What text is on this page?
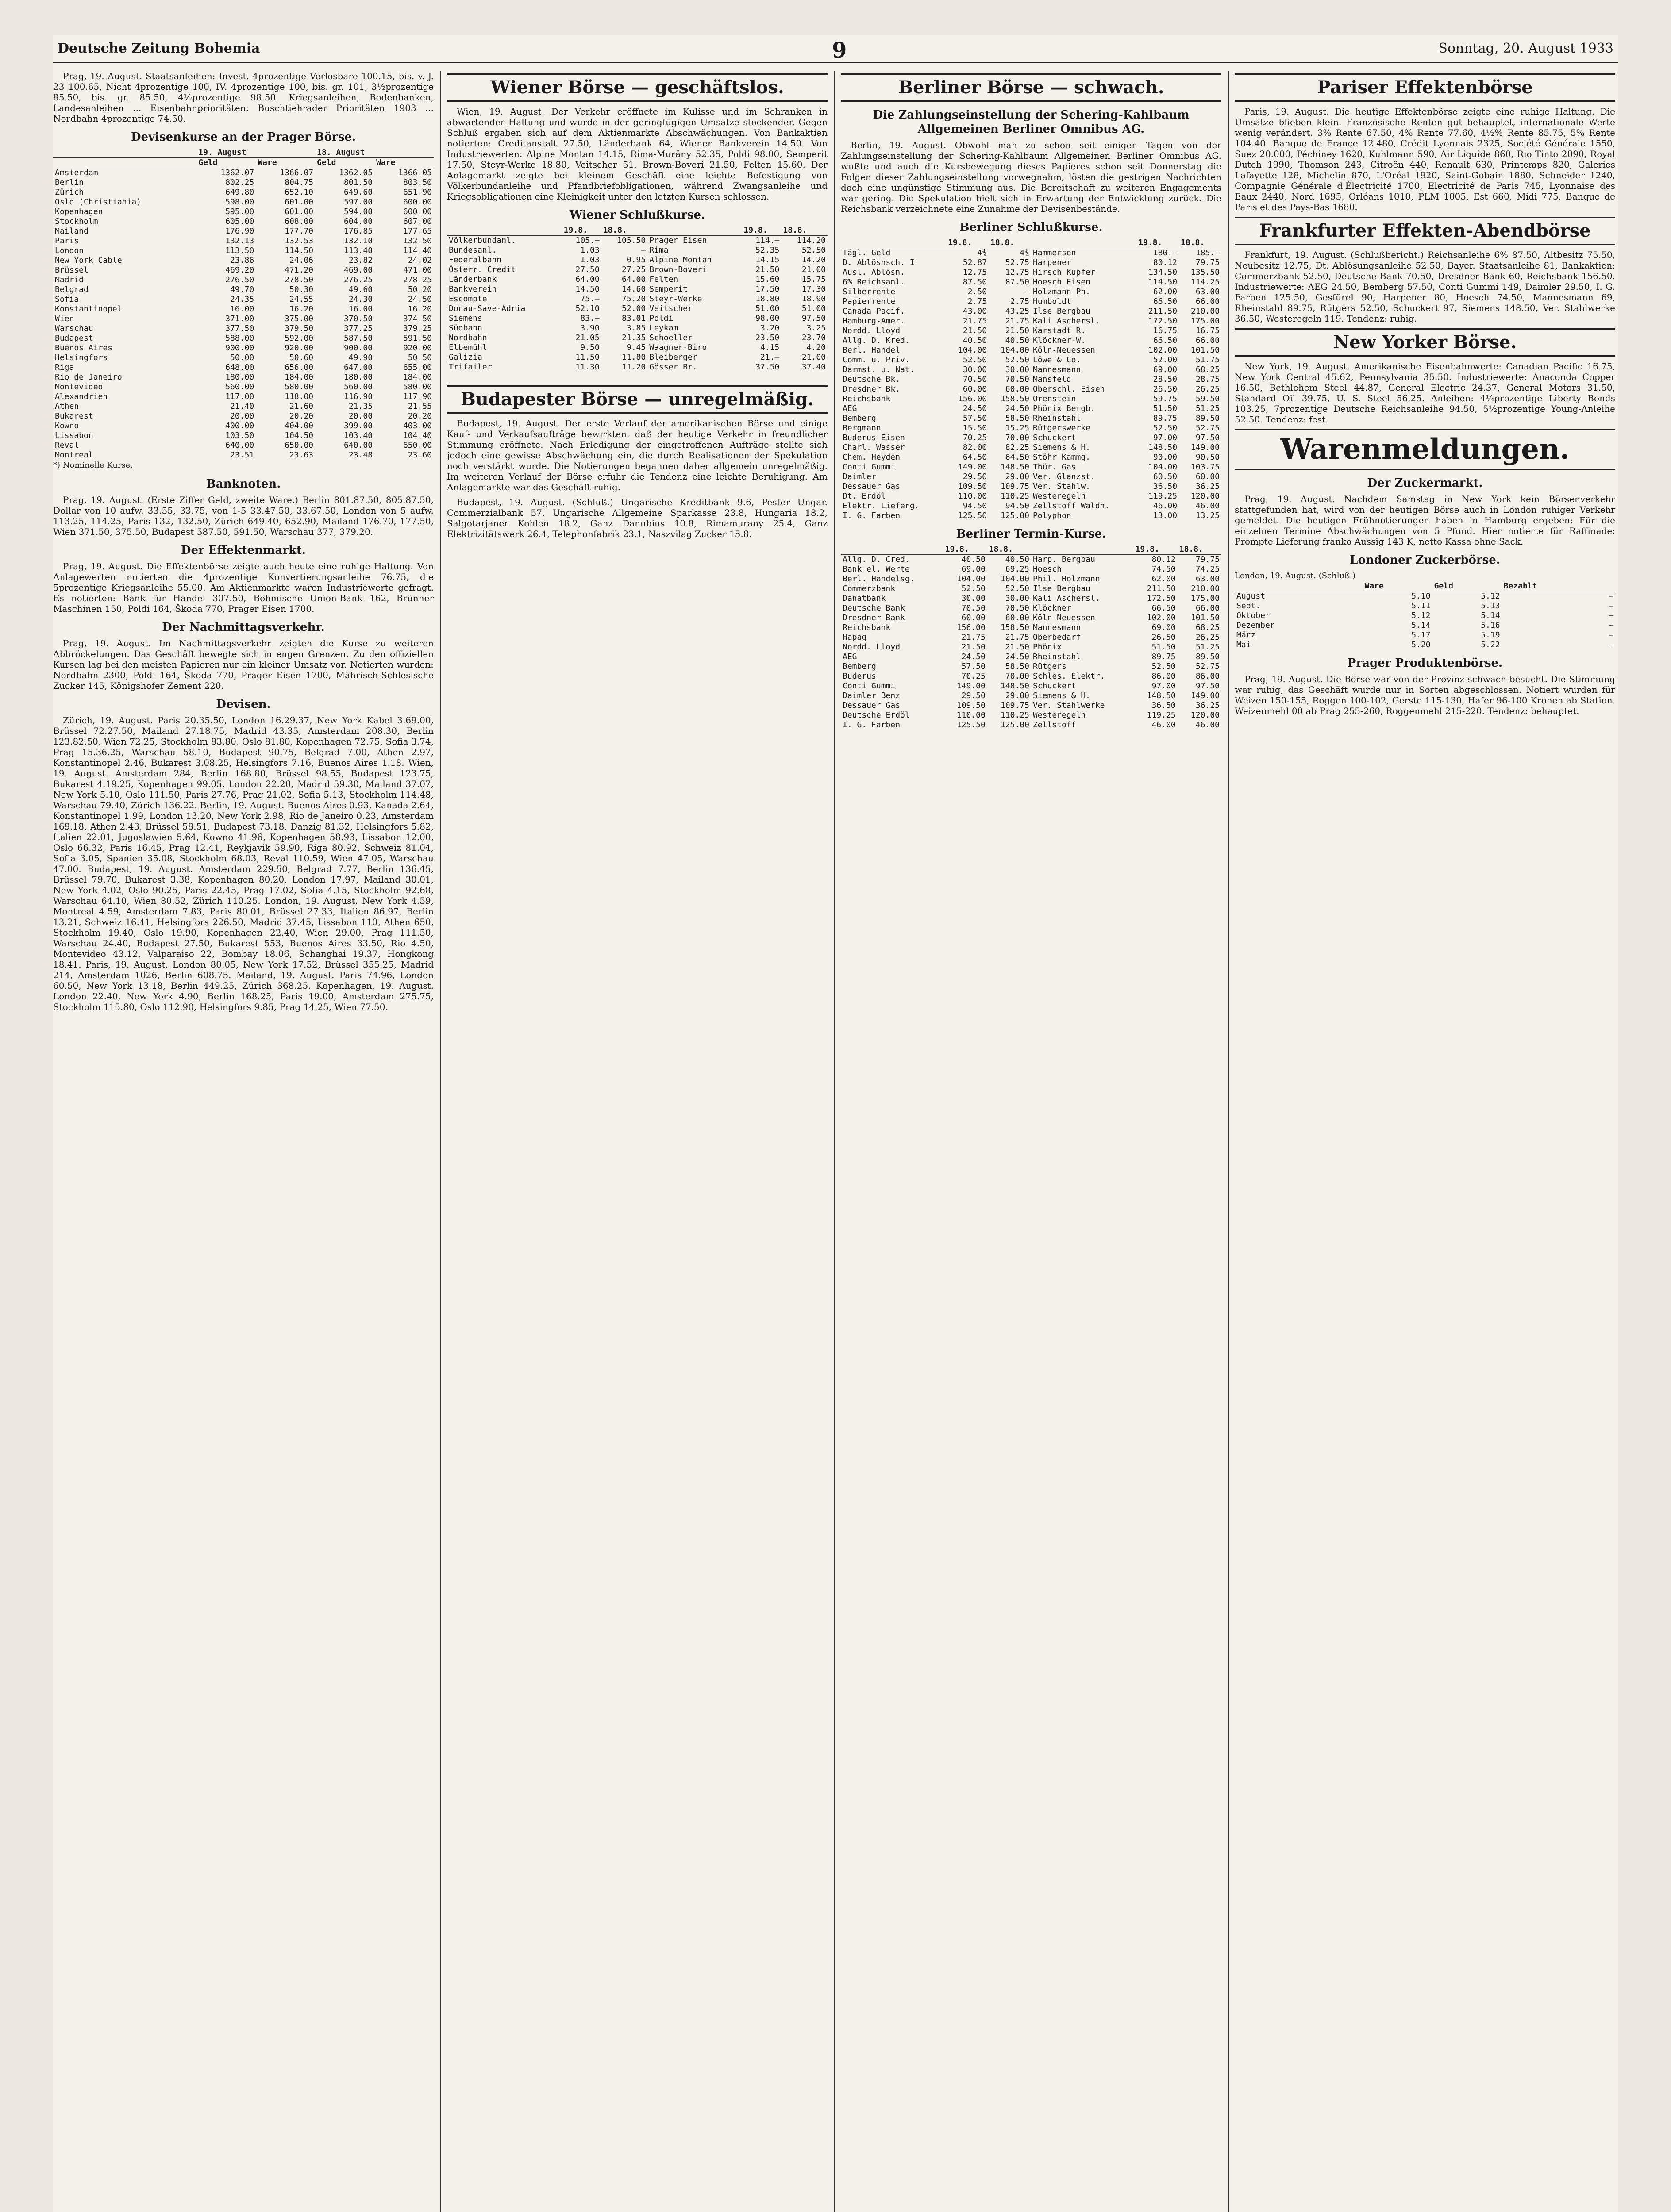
Deutsche Zeitung Bohemia	9	Sonntag, 20. August 1933

Prag, 19. August. Staatsanleihen: Invest. 4prozentige Verlosbare 100.15, bis. v. J. 23 100.65, Nicht 4prozentige 100, IV. 4prozentige 100, bis. gr. 101, 3½prozentige 85.50, bis. gr. 85.50, 4½prozentige 98.50. Kriegsanleihen, Bodenbanken, Landesanleihen ... Eisenbahnprioritäten: Buschtiehrader Prioritäten 1903 ... Nordbahn 4prozentige 74.50.

Devisenkurse an der Prager Börse.
	19. August		18. August	
	Geld	Ware	Geld	Ware
Amsterdam	1362.07	1366.07	1362.05	1366.05
Berlin	802.25	804.75	801.50	803.50
Zürich	649.80	652.10	649.60	651.90
Oslo (Christiania)	598.00	601.00	597.00	600.00
Kopenhagen	595.00	601.00	594.00	600.00
Stockholm	605.00	608.00	604.00	607.00
Mailand	176.90	177.70	176.85	177.65
Paris	132.13	132.53	132.10	132.50
London	113.50	114.50	113.40	114.40
New York Cable	23.86	24.06	23.82	24.02
Brüssel	469.20	471.20	469.00	471.00
Madrid	276.50	278.50	276.25	278.25
Belgrad	49.70	50.30	49.60	50.20
Sofia	24.35	24.55	24.30	24.50
Konstantinopel	16.00	16.20	16.00	16.20
Wien	371.00	375.00	370.50	374.50
Warschau	377.50	379.50	377.25	379.25
Budapest	588.00	592.00	587.50	591.50
Buenos Aires	900.00	920.00	900.00	920.00
Helsingfors	50.00	50.60	49.90	50.50
Riga	648.00	656.00	647.00	655.00
Rio de Janeiro	180.00	184.00	180.00	184.00
Montevideo	560.00	580.00	560.00	580.00
Alexandrien	117.00	118.00	116.90	117.90
Athen	21.40	21.60	21.35	21.55
Bukarest	20.00	20.20	20.00	20.20
Kowno	400.00	404.00	399.00	403.00
Lissabon	103.50	104.50	103.40	104.40
Reval	640.00	650.00	640.00	650.00
Montreal	23.51	23.63	23.48	23.60
*) Nominelle Kurse.
Banknoten.

Prag, 19. August. (Erste Ziffer Geld, zweite Ware.) Berlin 801.87.50, 805.87.50, Dollar von 10 aufw. 33.55, 33.75, von 1-5 33.47.50, 33.67.50, London von 5 aufw. 113.25, 114.25, Paris 132, 132.50, Zürich 649.40, 652.90, Mailand 176.70, 177.50, Wien 371.50, 375.50, Budapest 587.50, 591.50, Warschau 377, 379.20.

Der Effektenmarkt.

Prag, 19. August. Die Effektenbörse zeigte auch heute eine ruhige Haltung. Von Anlagewerten notierten die 4prozentige Konvertierungsanleihe 76.75, die 5prozentige Kriegsanleihe 55.00. Am Aktienmarkte waren Industriewerte gefragt. Es notierten: Bank für Handel 307.50, Böhmische Union-Bank 162, Brünner Maschinen 150, Poldi 164, Škoda 770, Prager Eisen 1700.

Der Nachmittagsverkehr.

Prag, 19. August. Im Nachmittagsverkehr zeigten die Kurse zu weiteren Abbröckelungen. Das Geschäft bewegte sich in engen Grenzen. Zu den offiziellen Kursen lag bei den meisten Papieren nur ein kleiner Umsatz vor. Notierten wurden: Nordbahn 2300, Poldi 164, Škoda 770, Prager Eisen 1700, Mährisch-Schlesische Zucker 145, Königshofer Zement 220.

Devisen.

Zürich, 19. August. Paris 20.35.50, London 16.29.37, New York Kabel 3.69.00, Brüssel 72.27.50, Mailand 27.18.75, Madrid 43.35, Amsterdam 208.30, Berlin 123.82.50, Wien 72.25, Stockholm 83.80, Oslo 81.80, Kopenhagen 72.75, Sofia 3.74, Prag 15.36.25, Warschau 58.10, Budapest 90.75, Belgrad 7.00, Athen 2.97, Konstantinopel 2.46, Bukarest 3.08.25, Helsingfors 7.16, Buenos Aires 1.18. Wien, 19. August. Amsterdam 284, Berlin 168.80, Brüssel 98.55, Budapest 123.75, Bukarest 4.19.25, Kopenhagen 99.05, London 22.20, Madrid 59.30, Mailand 37.07, New York 5.10, Oslo 111.50, Paris 27.76, Prag 21.02, Sofia 5.13, Stockholm 114.48, Warschau 79.40, Zürich 136.22. Berlin, 19. August. Buenos Aires 0.93, Kanada 2.64, Konstantinopel 1.99, London 13.20, New York 2.98, Rio de Janeiro 0.23, Amsterdam 169.18, Athen 2.43, Brüssel 58.51, Budapest 73.18, Danzig 81.32, Helsingfors 5.82, Italien 22.01, Jugoslawien 5.64, Kowno 41.96, Kopenhagen 58.93, Lissabon 12.00, Oslo 66.32, Paris 16.45, Prag 12.41, Reykjavik 59.90, Riga 80.92, Schweiz 81.04, Sofia 3.05, Spanien 35.08, Stockholm 68.03, Reval 110.59, Wien 47.05, Warschau 47.00. Budapest, 19. August. Amsterdam 229.50, Belgrad 7.77, Berlin 136.45, Brüssel 79.70, Bukarest 3.38, Kopenhagen 80.20, London 17.97, Mailand 30.01, New York 4.02, Oslo 90.25, Paris 22.45, Prag 17.02, Sofia 4.15, Stockholm 92.68, Warschau 64.10, Wien 80.52, Zürich 110.25. London, 19. August. New York 4.59, Montreal 4.59, Amsterdam 7.83, Paris 80.01, Brüssel 27.33, Italien 86.97, Berlin 13.21, Schweiz 16.41, Helsingfors 226.50, Madrid 37.45, Lissabon 110, Athen 650, Stockholm 19.40, Oslo 19.90, Kopenhagen 22.40, Wien 29.00, Prag 111.50, Warschau 24.40, Budapest 27.50, Bukarest 553, Buenos Aires 33.50, Rio 4.50, Montevideo 43.12, Valparaiso 22, Bombay 18.06, Schanghai 19.37, Hongkong 18.41. Paris, 19. August. London 80.05, New York 17.52, Brüssel 355.25, Madrid 214, Amsterdam 1026, Berlin 608.75. Mailand, 19. August. Paris 74.96, London 60.50, New York 13.18, Berlin 449.25, Zürich 368.25. Kopenhagen, 19. August. London 22.40, New York 4.90, Berlin 168.25, Paris 19.00, Amsterdam 275.75, Stockholm 115.80, Oslo 112.90, Helsingfors 9.85, Prag 14.25, Wien 77.50.

Wiener Börse — geschäftslos.

Wien, 19. August. Der Verkehr eröffnete im Kulisse und im Schranken in abwartender Haltung und wurde in der geringfügigen Umsätze stockender. Gegen Schluß ergaben sich auf dem Aktienmarkte Abschwächungen. Von Bankaktien notierten: Creditanstalt 27.50, Länderbank 64, Wiener Bankverein 14.50. Von Industriewerten: Alpine Montan 14.15, Rima-Muräny 52.35, Poldi 98.00, Semperit 17.50, Steyr-Werke 18.80, Veitscher 51, Brown-Boveri 21.50, Felten 15.60. Der Anlagemarkt zeigte bei kleinem Geschäft eine leichte Befestigung von Völkerbundanleihe und Pfandbriefobligationen, während Zwangsanleihe und Kriegsobligationen eine Kleinigkeit unter den letzten Kursen schlossen.

Wiener Schlußkurse.
	19.8.	18.8.		19.8.	18.8.
Völkerbundanl.	105.—	105.50	Prager Eisen	114.—	114.20
Bundesanl.	1.03	—	Rima	52.35	52.50
Federalbahn	1.03	0.95	Alpine Montan	14.15	14.20
Österr. Credit	27.50	27.25	Brown-Boveri	21.50	21.00
Länderbank	64.00	64.00	Felten	15.60	15.75
Bankverein	14.50	14.60	Semperit	17.50	17.30
Escompte	75.—	75.20	Steyr-Werke	18.80	18.90
Donau-Save-Adria	52.10	52.00	Veitscher	51.00	51.00
Siemens	83.—	83.01	Poldi	98.00	97.50
Südbahn	3.90	3.85	Leykam	3.20	3.25
Nordbahn	21.05	21.35	Schoeller	23.50	23.70
Elbemühl	9.50	9.45	Waagner-Biro	4.15	4.20
Galizia	11.50	11.80	Bleiberger	21.—	21.00
Trifailer	11.30	11.20	Gösser Br.	37.50	37.40
Budapester Börse — unregelmäßig.

Budapest, 19. August. Der erste Verlauf der amerikanischen Börse und einige Kauf- und Verkaufsaufträge bewirkten, daß der heutige Verkehr in freundlicher Stimmung eröffnete. Nach Erledigung der eingetroffenen Aufträge stellte sich jedoch eine gewisse Abschwächung ein, die durch Realisationen der Spekulation noch verstärkt wurde. Die Notierungen begannen daher allgemein unregelmäßig. Im weiteren Verlauf der Börse erfuhr die Tendenz eine leichte Beruhigung. Am Anlagemarkte war das Geschäft ruhig.

Budapest, 19. August. (Schluß.) Ungarische Kreditbank 9.6, Pester Ungar. Commerzialbank 57, Ungarische Allgemeine Sparkasse 23.8, Hungaria 18.2, Salgotarjaner Kohlen 18.2, Ganz Danubius 10.8, Rimamurany 25.4, Ganz Elektrizitätswerk 26.4, Telephonfabrik 23.1, Naszvilag Zucker 15.8.

Berliner Börse — schwach.
Die Zahlungseinstellung der Schering-Kahlbaum Allgemeinen Berliner Omnibus AG.

Berlin, 19. August. Obwohl man zu schon seit einigen Tagen von der Zahlungseinstellung der Schering-Kahlbaum Allgemeinen Berliner Omnibus AG. wußte und auch die Kursbewegung dieses Papieres schon seit Donnerstag die Folgen dieser Zahlungseinstellung vorwegnahm, lösten die gestrigen Nachrichten doch eine ungünstige Stimmung aus. Die Bereitschaft zu weiteren Engagements war gering. Die Spekulation hielt sich in Erwartung der Entwicklung zurück. Die Reichsbank verzeichnete eine Zunahme der Devisenbestände.

Berliner Schlußkurse.
	19.8.	18.8.		19.8.	18.8.
Tägl. Geld	4¾	4¾	Hammersen	180.—	185.—
D. Ablösnsch. I	52.87	52.75	Harpener	80.12	79.75
Ausl. Ablösn.	12.75	12.75	Hirsch Kupfer	134.50	135.50
6% Reichsanl.	87.50	87.50	Hoesch Eisen	114.50	114.25
Silberrente	2.50	—	Holzmann Ph.	62.00	63.00
Papierrente	2.75	2.75	Humboldt	66.50	66.00
Canada Pacif.	43.00	43.25	Ilse Bergbau	211.50	210.00
Hamburg-Amer.	21.75	21.75	Kali Aschersl.	172.50	175.00
Nordd. Lloyd	21.50	21.50	Karstadt R.	16.75	16.75
Allg. D. Kred.	40.50	40.50	Klöckner-W.	66.50	66.00
Berl. Handel	104.00	104.00	Köln-Neuessen	102.00	101.50
Comm. u. Priv.	52.50	52.50	Löwe & Co.	52.00	51.75
Darmst. u. Nat.	30.00	30.00	Mannesmann	69.00	68.25
Deutsche Bk.	70.50	70.50	Mansfeld	28.50	28.75
Dresdner Bk.	60.00	60.00	Oberschl. Eisen	26.50	26.25
Reichsbank	156.00	158.50	Orenstein	59.75	59.50
AEG	24.50	24.50	Phönix Bergb.	51.50	51.25
Bemberg	57.50	58.50	Rheinstahl	89.75	89.50
Bergmann	15.50	15.25	Rütgerswerke	52.50	52.75
Buderus Eisen	70.25	70.00	Schuckert	97.00	97.50
Charl. Wasser	82.00	82.25	Siemens & H.	148.50	149.00
Chem. Heyden	64.50	64.50	Stöhr Kammg.	90.00	90.50
Conti Gummi	149.00	148.50	Thür. Gas	104.00	103.75
Daimler	29.50	29.00	Ver. Glanzst.	60.50	60.00
Dessauer Gas	109.50	109.75	Ver. Stahlw.	36.50	36.25
Dt. Erdöl	110.00	110.25	Westeregeln	119.25	120.00
Elektr. Lieferg.	94.50	94.50	Zellstoff Waldh.	46.00	46.00
I. G. Farben	125.50	125.00	Polyphon	13.00	13.25
Berliner Termin-Kurse.
	19.8.	18.8.		19.8.	18.8.
Allg. D. Cred.	40.50	40.50	Harp. Bergbau	80.12	79.75
Bank el. Werte	69.00	69.25	Hoesch	74.50	74.25
Berl. Handelsg.	104.00	104.00	Phil. Holzmann	62.00	63.00
Commerzbank	52.50	52.50	Ilse Bergbau	211.50	210.00
Danatbank	30.00	30.00	Kali Aschersl.	172.50	175.00
Deutsche Bank	70.50	70.50	Klöckner	66.50	66.00
Dresdner Bank	60.00	60.00	Köln-Neuessen	102.00	101.50
Reichsbank	156.00	158.50	Mannesmann	69.00	68.25
Hapag	21.75	21.75	Oberbedarf	26.50	26.25
Nordd. Lloyd	21.50	21.50	Phönix	51.50	51.25
AEG	24.50	24.50	Rheinstahl	89.75	89.50
Bemberg	57.50	58.50	Rütgers	52.50	52.75
Buderus	70.25	70.00	Schles. Elektr.	86.00	86.00
Conti Gummi	149.00	148.50	Schuckert	97.00	97.50
Daimler Benz	29.50	29.00	Siemens & H.	148.50	149.00
Dessauer Gas	109.50	109.75	Ver. Stahlwerke	36.50	36.25
Deutsche Erdöl	110.00	110.25	Westeregeln	119.25	120.00
I. G. Farben	125.50	125.00	Zellstoff	46.00	46.00
Pariser Effektenbörse

Paris, 19. August. Die heutige Effektenbörse zeigte eine ruhige Haltung. Die Umsätze blieben klein. Französische Renten gut behauptet, internationale Werte wenig verändert. 3% Rente 67.50, 4% Rente 77.60, 4½% Rente 85.75, 5% Rente 104.40. Banque de France 12.480, Crédit Lyonnais 2325, Société Générale 1550, Suez 20.000, Péchiney 1620, Kuhlmann 590, Air Liquide 860, Rio Tinto 2090, Royal Dutch 1990, Thomson 243, Citroën 440, Renault 630, Printemps 820, Galeries Lafayette 128, Michelin 870, L'Oréal 1920, Saint-Gobain 1880, Schneider 1240, Compagnie Générale d'Électricité 1700, Electricité de Paris 745, Lyonnaise des Eaux 2440, Nord 1695, Orléans 1010, PLM 1005, Est 660, Midi 775, Banque de Paris et des Pays-Bas 1680.

Frankfurter Effekten-Abendbörse

Frankfurt, 19. August. (Schlußbericht.) Reichsanleihe 6% 87.50, Altbesitz 75.50, Neubesitz 12.75, Dt. Ablösungsanleihe 52.50, Bayer. Staatsanleihe 81, Bankaktien: Commerzbank 52.50, Deutsche Bank 70.50, Dresdner Bank 60, Reichsbank 156.50. Industriewerte: AEG 24.50, Bemberg 57.50, Conti Gummi 149, Daimler 29.50, I. G. Farben 125.50, Gesfürel 90, Harpener 80, Hoesch 74.50, Mannesmann 69, Rheinstahl 89.75, Rütgers 52.50, Schuckert 97, Siemens 148.50, Ver. Stahlwerke 36.50, Westeregeln 119. Tendenz: ruhig.

New Yorker Börse.

New York, 19. August. Amerikanische Eisenbahnwerte: Canadian Pacific 16.75, New York Central 45.62, Pennsylvania 35.50. Industriewerte: Anaconda Copper 16.50, Bethlehem Steel 44.87, General Electric 24.37, General Motors 31.50, Standard Oil 39.75, U. S. Steel 56.25. Anleihen: 4¼prozentige Liberty Bonds 103.25, 7prozentige Deutsche Reichsanleihe 94.50, 5½prozentige Young-Anleihe 52.50. Tendenz: fest.

Warenmeldungen.
Der Zuckermarkt.

Prag, 19. August. Nachdem Samstag in New York kein Börsenverkehr stattgefunden hat, wird von der heutigen Börse auch in London ruhiger Verkehr gemeldet. Die heutigen Frühnotierungen haben in Hamburg ergeben: Für die einzelnen Termine Abschwächungen von 5 Pfund. Hier notierte für Raffinade: Prompte Lieferung franko Aussig 143 K, netto Kassa ohne Sack.

Londoner Zuckerbörse.
London, 19. August. (Schluß.)
	Ware	Geld	Bezahlt
August	5.10	5.12	—
Sept.	5.11	5.13	—
Oktober	5.12	5.14	—
Dezember	5.14	5.16	—
März	5.17	5.19	—
Mai	5.20	5.22	—
Prager Produktenbörse.

Prag, 19. August. Die Börse war von der Provinz schwach besucht. Die Stimmung war ruhig, das Geschäft wurde nur in Sorten abgeschlossen. Notiert wurden für Weizen 150-155, Roggen 100-102, Gerste 115-130, Hafer 96-100 Kronen ab Station. Weizenmehl 00 ab Prag 255-260, Roggenmehl 215-220. Tendenz: behauptet.
